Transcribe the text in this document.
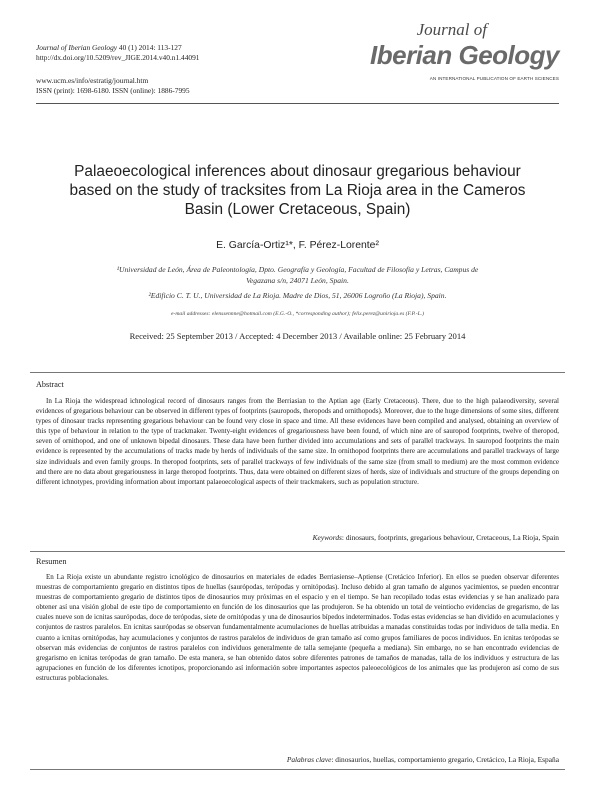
Journal of Iberian Geology 40 (1) 2014: 113-127
http://dx.doi.org/10.5209/rev_JIGE.2014.v40.n1.44091
www.ucm.es/info/estratig/journal.htm
ISSN (print): 1698-6180. ISSN (online): 1886-7995
Journal of
Iberian Geology
AN INTERNATIONAL PUBLICATION OF EARTH SCIENCES
Palaeoecological inferences about dinosaur gregarious behaviour
based on the study of tracksites from La Rioja area in the Cameros
Basin (Lower Cretaceous, Spain)
E. García-Ortiz¹*, F. Pérez-Lorente²
¹Universidad de León, Área de Paleontología, Dpto. Geografía y Geología, Facultad de Filosofía y Letras, Campus de
Vegazana s/n, 24071 León, Spain.
²Edificio C. T. U., Universidad de La Rioja. Madre de Dios, 51, 26006 Logroño (La Rioja), Spain.
e-mail addresses: elenssennne@hotmail.com (E.G.-O., *corresponding author); felix.perez@unirioja.es (F.P.-L.)
Received: 25 September 2013 / Accepted: 4 December 2013 / Available online: 25 February 2014
Abstract
In La Rioja the widespread ichnological record of dinosaurs ranges from the Berriasian to the Aptian age (Early Cretaceous). There, due to the high palaeodiversity, several evidences of gregarious behaviour can be observed in different types of footprints (sauropods, theropods and ornithopods). Moreover, due to the huge dimensions of some sites, different types of dinosaur tracks representing gregarious behaviour can be found very close in space and time. All these evidences have been compiled and analysed, obtaining an overview of this type of behaviour in relation to the type of trackmaker. Twenty-eight evidences of gregariousness have been found, of which nine are of sauropod footprints, twelve of theropod, seven of ornithopod, and one of unknown bipedal dinosaurs. These data have been further divided into accumulations and sets of parallel trackways. In sauropod footprints the main evidence is represented by the accumulations of tracks made by herds of individuals of the same size. In ornithopod footprints there are accumulations and parallel trackways of large size individuals and even family groups. In theropod footprints, sets of parallel trackways of few individuals of the same size (from small to medium) are the most common evidence and there are no data about gregariousness in large theropod footprints. Thus, data were obtained on different sizes of herds, size of individuals and structure of the groups depending on different ichnotypes, providing information about important palaeoecological aspects of their trackmakers, such as population structure.
Keywords: dinosaurs, footprints, gregarious behaviour, Cretaceous, La Rioja, Spain
Resumen
En La Rioja existe un abundante registro icnológico de dinosaurios en materiales de edades Berriasiense–Aptiense (Cretácico Inferior). En ellos se pueden observar diferentes muestras de comportamiento gregario en distintos tipos de huellas (saurópodas, terópodas y ornitópodas). Incluso debido al gran tamaño de algunos yacimientos, se pueden encontrar muestras de comportamiento gregario de distintos tipos de dinosaurios muy próximas en el espacio y en el tiempo. Se han recopilado todas estas evidencias y se han analizado para obtener así una visión global de este tipo de comportamiento en función de los dinosaurios que las produjeron. Se ha obtenido un total de veintiocho evidencias de gregarismo, de las cuales nueve son de icnitas saurópodas, doce de terópodas, siete de ornitópodas y una de dinosaurios bípedos indeterminados. Todas estas evidencias se han dividido en acumulaciones y conjuntos de rastros paralelos. En icnitas saurópodas se observan fundamentalmente acumulaciones de huellas atribuidas a manadas constituidas todas por individuos de talla media. En cuanto a icnitas ornitópodas, hay acumulaciones y conjuntos de rastros paralelos de individuos de gran tamaño así como grupos familiares de pocos individuos. En icnitas terópodas se observan más evidencias de conjuntos de rastros paralelos con individuos generalmente de talla semejante (pequeña a mediana). Sin embargo, no se han encontrado evidencias de gregarismo en icnitas terópodas de gran tamaño. De esta manera, se han obtenido datos sobre diferentes patrones de tamaños de manadas, talla de los individuos y estructura de las agrupaciones en función de los diferentes icnotipos, proporcionando así información sobre importantes aspectos paleoecológicos de los animales que las produjeron así como de sus estructuras poblacionales.
Palabras clave: dinosaurios, huellas, comportamiento gregario, Cretácico, La Rioja, España
